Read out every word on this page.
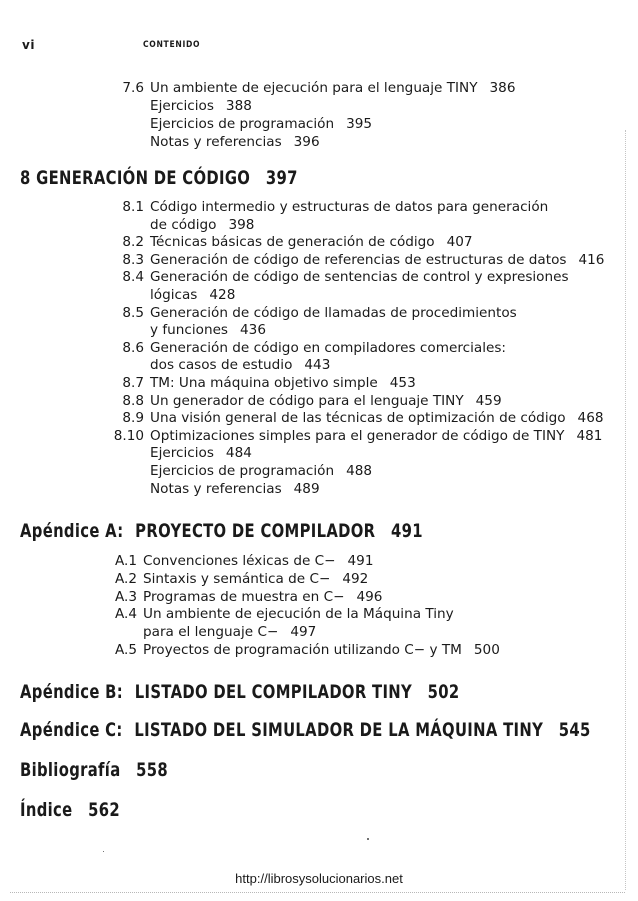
vi	CONTENIDO
7.6 Un ambiente de ejecución para el lenguaje TINY 386
Ejercicios 388
Ejercicios de programación 395
Notas y referencias 396
8 GENERACIÓN DE CÓDIGO 397
8.1 Código intermedio y estructuras de datos para generación
de código 398
8.2 Técnicas básicas de generación de código 407
8.3 Generación de código de referencias de estructuras de datos 416
8.4 Generación de código de sentencias de control y expresiones
lógicas 428
8.5 Generación de código de llamadas de procedimientos
y funciones 436
8.6 Generación de código en compiladores comerciales:
dos casos de estudio 443
8.7 TM: Una máquina objetivo simple 453
8.8 Un generador de código para el lenguaje TINY 459
8.9 Una visión general de las técnicas de optimización de código 468
8.10 Optimizaciones simples para el generador de código de TINY 481
Ejercicios 484
Ejercicios de programación 488
Notas y referencias 489
Apéndice A: PROYECTO DE COMPILADOR 491
A.1 Convenciones léxicas de C− 491
A.2 Sintaxis y semántica de C− 492
A.3 Programas de muestra en C− 496
A.4 Un ambiente de ejecución de la Máquina Tiny
para el lenguaje C− 497
A.5 Proyectos de programación utilizando C− y TM 500
Apéndice B: LISTADO DEL COMPILADOR TINY 502
Apéndice C: LISTADO DEL SIMULADOR DE LA MÁQUINA TINY 545
Bibliografía 558
Índice 562
http://librosysolucionarios.net
